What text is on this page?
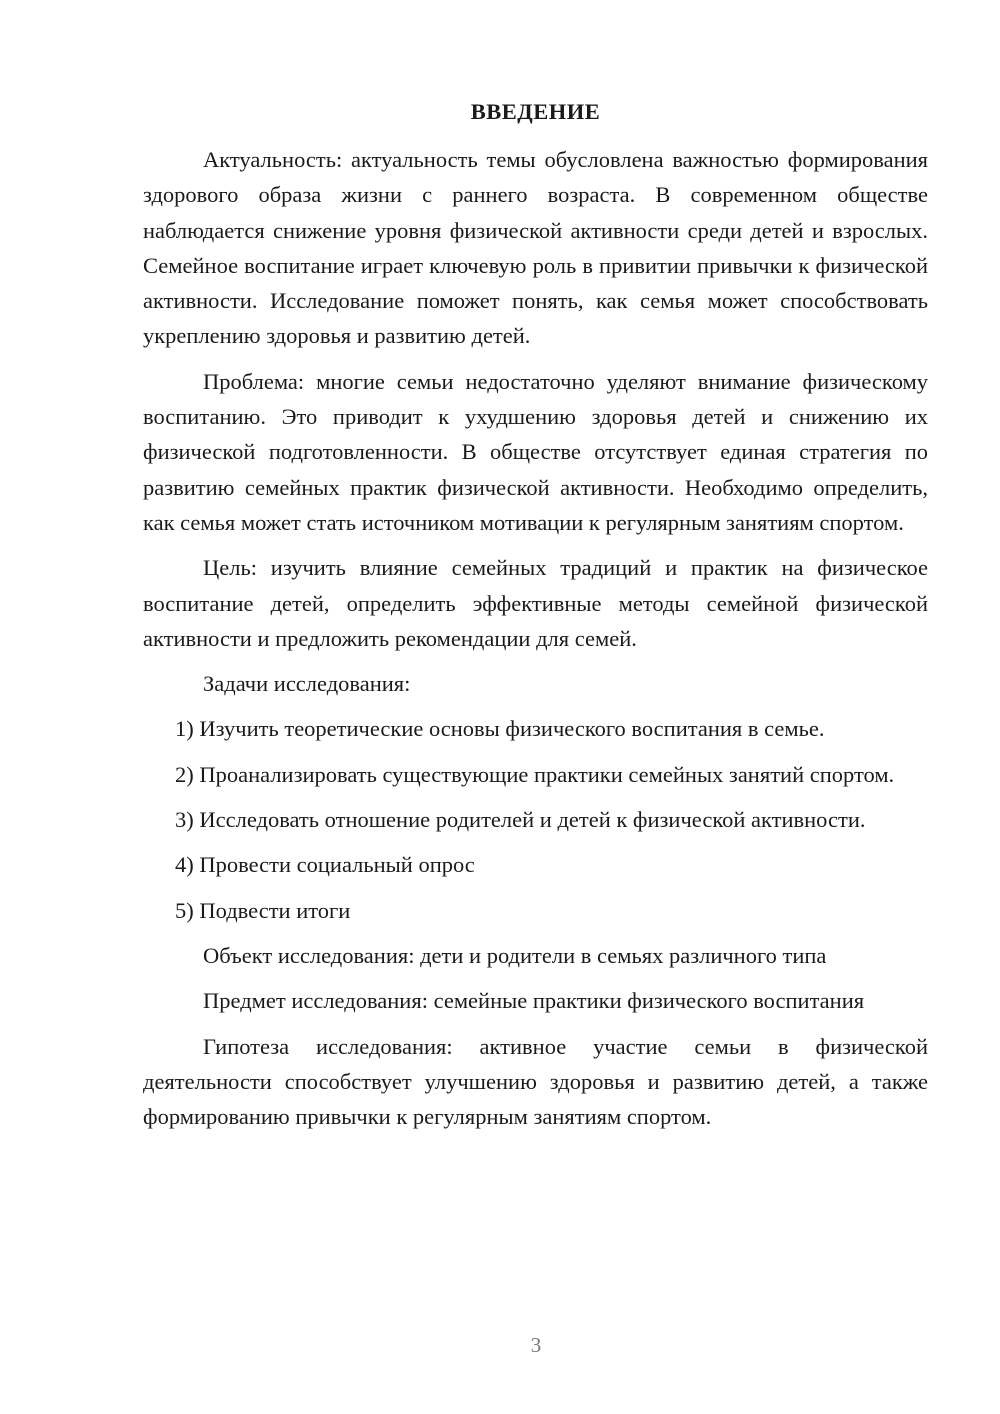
ВВЕДЕНИЕ

Актуальность: актуальность темы обусловлена важностью формирования здорового образа жизни с раннего возраста. В современном обществе наблюдается снижение уровня физической активности среди детей и взрослых. Семейное воспитание играет ключевую роль в привитии привычки к физической активности. Исследование поможет понять, как семья может способствовать укреплению здоровья и развитию детей.

Проблема: многие семьи недостаточно уделяют внимание физическому воспитанию. Это приводит к ухудшению здоровья детей и снижению их физической подготовленности. В обществе отсутствует единая стратегия по развитию семейных практик физической активности. Необходимо определить, как семья может стать источником мотивации к регулярным занятиям спортом.

Цель: изучить влияние семейных традиций и практик на физическое воспитание детей, определить эффективные методы семейной физической активности и предложить рекомендации для семей.

Задачи исследования:

1) Изучить теоретические основы физического воспитания в семье.

2) Проанализировать существующие практики семейных занятий спортом.

3) Исследовать отношение родителей и детей к физической активности.

4) Провести социальный опрос

5) Подвести итоги

Объект исследования: дети и родители в семьях различного типа

Предмет исследования: семейные практики физического воспитания

Гипотеза исследования: активное участие семьи в физической деятельности способствует улучшению здоровья и развитию детей, а также формированию привычки к регулярным занятиям спортом.

3
